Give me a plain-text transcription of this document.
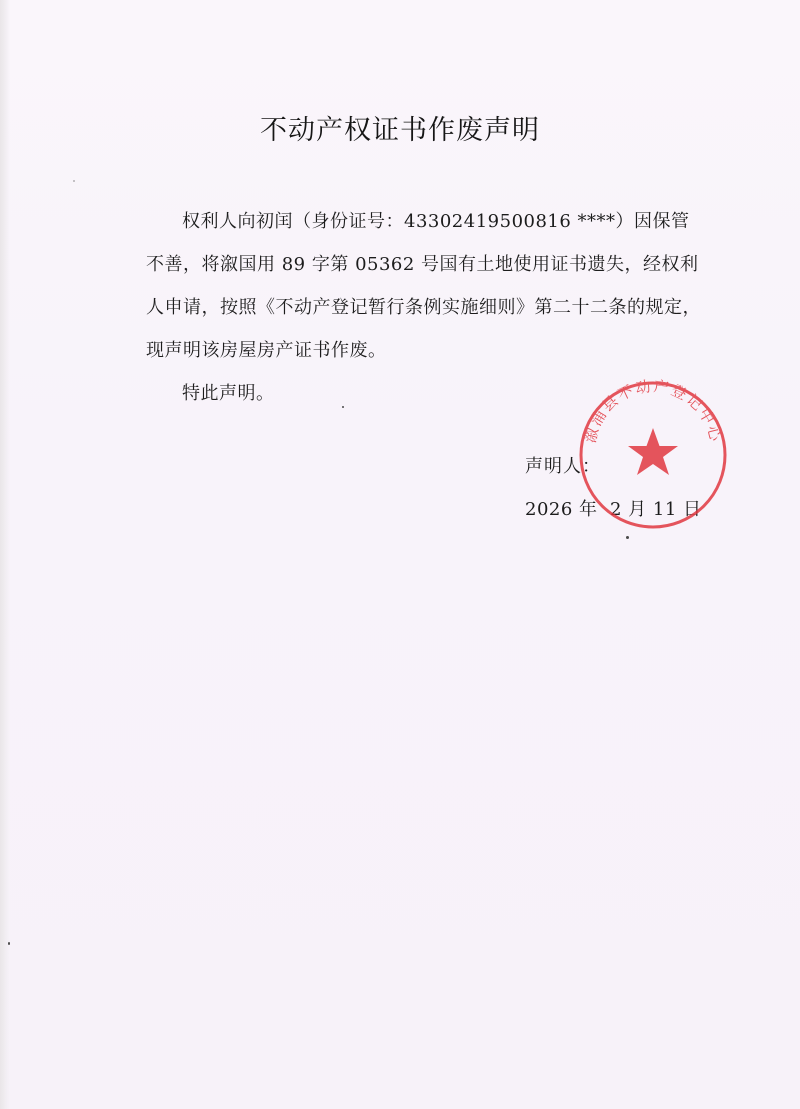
不动产权证书作废声明

权利人向初闰（身份证号：43302419500816 ****）因保管不善，将溆国用 89 字第 05362 号国有土地使用证书遗失，经权利人申请，按照《不动产登记暂行条例实施细则》第二十二条的规定，现声明该房屋房产证书作废。

特此声明。

声明人：
2026 年  2 月 11 日
溆浦县不动产登记中心
